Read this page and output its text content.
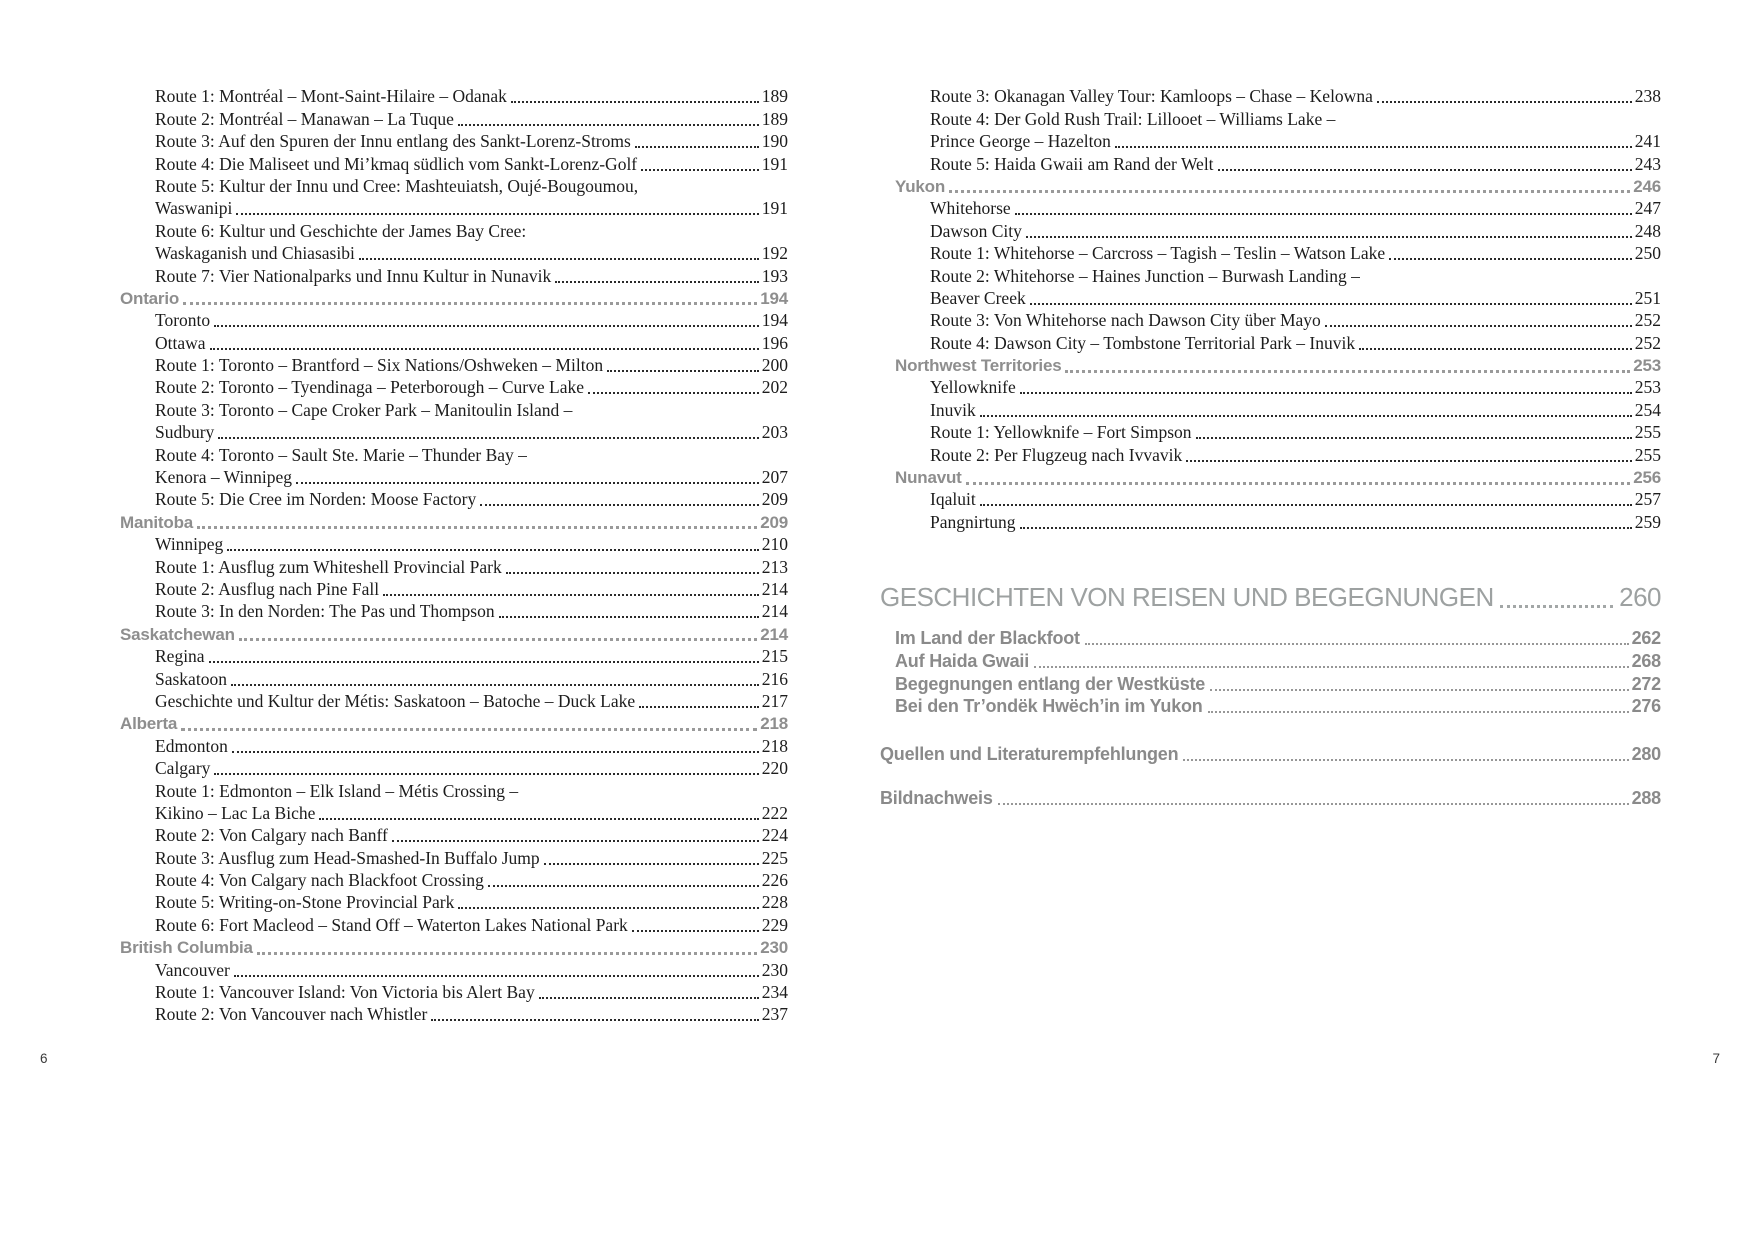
Route 1: Montréal – Mont-Saint-Hilaire – Odanak	189
Route 2: Montréal – Manawan – La Tuque	189
Route 3: Auf den Spuren der Innu entlang des Sankt-Lorenz-Stroms	190
Route 4: Die Maliseet und Mi’kmaq südlich vom Sankt-Lorenz-Golf	191
Route 5: Kultur der Innu und Cree: Mashteuiatsh, Oujé-Bougoumou,
Waswanipi	191
Route 6: Kultur und Geschichte der James Bay Cree:
Waskaganish und Chiasasibi	192
Route 7: Vier Nationalparks und Innu Kultur in Nunavik	193
Ontario	194
Toronto	194
Ottawa	196
Route 1: Toronto – Brantford – Six Nations/Oshweken – Milton	200
Route 2: Toronto – Tyendinaga – Peterborough – Curve Lake	202
Route 3: Toronto – Cape Croker Park – Manitoulin Island –
Sudbury	203
Route 4: Toronto – Sault Ste. Marie – Thunder Bay –
Kenora – Winnipeg	207
Route 5: Die Cree im Norden: Moose Factory	209
Manitoba	209
Winnipeg	210
Route 1: Ausflug zum Whiteshell Provincial Park	213
Route 2: Ausflug nach Pine Fall	214
Route 3: In den Norden: The Pas und Thompson	214
Saskatchewan	214
Regina	215
Saskatoon	216
Geschichte und Kultur der Métis: Saskatoon – Batoche – Duck Lake	217
Alberta	218
Edmonton	218
Calgary	220
Route 1: Edmonton – Elk Island – Métis Crossing –
Kikino – Lac La Biche	222
Route 2: Von Calgary nach Banff	224
Route 3: Ausflug zum Head-Smashed-In Buffalo Jump	225
Route 4: Von Calgary nach Blackfoot Crossing	226
Route 5: Writing-on-Stone Provincial Park	228
Route 6: Fort Macleod – Stand Off – Waterton Lakes National Park	229
British Columbia	230
Vancouver	230
Route 1: Vancouver Island: Von Victoria bis Alert Bay	234
Route 2: Von Vancouver nach Whistler	237
Route 3: Okanagan Valley Tour: Kamloops – Chase – Kelowna	238
Route 4: Der Gold Rush Trail: Lillooet – Williams Lake –
Prince George – Hazelton	241
Route 5: Haida Gwaii am Rand der Welt	243
Yukon	246
Whitehorse	247
Dawson City	248
Route 1: Whitehorse – Carcross – Tagish – Teslin – Watson Lake	250
Route 2: Whitehorse – Haines Junction – Burwash Landing –
Beaver Creek	251
Route 3: Von Whitehorse nach Dawson City über Mayo	252
Route 4: Dawson City – Tombstone Territorial Park – Inuvik	252
Northwest Territories	253
Yellowknife	253
Inuvik	254
Route 1: Yellowknife – Fort Simpson	255
Route 2: Per Flugzeug nach Ivvavik	255
Nunavut	256
Iqaluit	257
Pangnirtung	259
GESCHICHTEN VON REISEN UND BEGEGNUNGEN	260
Im Land der Blackfoot	262
Auf Haida Gwaii	268
Begegnungen entlang der Westküste	272
Bei den Tr’ondëk Hwëch’in im Yukon	276
Quellen und Literaturempfehlungen	280
Bildnachweis	288
6	7
